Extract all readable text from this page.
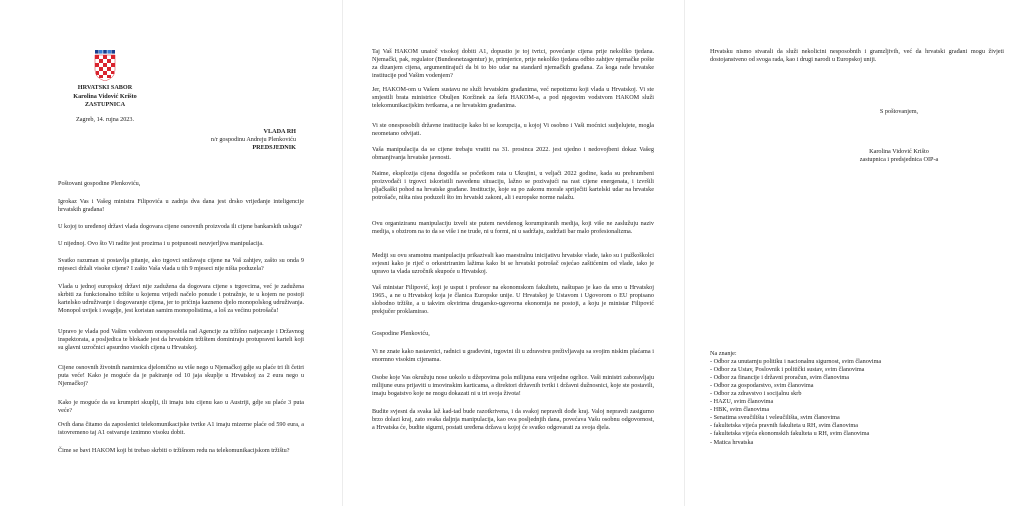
HRVATSKI SABOR
Karolina Vidović Krišto
ZASTUPNICA
Zagreb, 14. rujna 2023.
VLADA RH
n/r gospodinu Andreju Plenkoviću
PREDSJEDNIK

Poštovani gospodine Plenkoviću,

Igrokaz Vas i Vašeg ministra Filipovića u zadnja dva dana jest drsko vrijeđanje inteligencije hrvatskih građana!

U kojoj to uređenoj državi vlada dogovara cijene osnovnih proizvoda ili cijene bankarskih usluga?

U nijednoj. Ovo što Vi radite jest prozirna i u potpunosti neuvjerljiva manipulacija.

Svatko razuman si postavlja pitanje, ako trgovci snižavaju cijene na Vaš zahtjev, zašto su onda 9 mjeseci držali visoke cijene? I zašto Vaša vlada u tih 9 mjeseci nije ništa poduzela?

Vlada u jednoj europskoj državi nije zadužena da dogovara cijene s trgovcima, već je zadužena skrbiti za funkcionalno tržište u kojemu vrijedi načelo ponude i potražnje, te u kojem ne postoji kartelsko udruživanje i dogovaranje cijena, jer to prićinja kazneno djelo monopolskog udruživanja. Monopol uvijek i svagdje, jest koristan samim monopolistima, a loš za većinu potrošača!

Upravo je vlada pod Vašim vodstvom onesposobila rad Agencije za tržišno natjecanje i Državnog inspektorata, a posljedica te blokade jest da hrvatskim tržištem dominiraju protupravni karteli koji su glavni uzročnici apsurdno visokih cijena u Hrvatskoj.

Cijene osnovnih životnih namirnica djelomično su više nego u Njemačkoj gdje su plaće tri ili četiri puta veće! Kako je moguće da je pakiranje od 10 jaja skuplje u Hrvatskoj za 2 eura nego u Njemačkoj?

Kako je moguće da su krumpiri skuplji, ili imaju istu cijenu kao u Austriji, gdje su plaće 3 puta veće?

Ovih dana čitamo da zaposlenici telekomunikacijske tvrtke A1 imaju mizerne plaće od 590 eura, a istovremeno taj A1 ostvaruje iznimno visoku dobit.

Čime se bavi HAKOM koji bi trebao skrbiti o tržišnom redu na telekomunikacijskom tržištu?

Taj Vaš HAKOM unatoč visokoj dobiti A1, dopustio je toj tvrtci, povećanje cijena prije nekoliko tjedana. Njemački, pak, regulator (Bundesnetzagentur) je, primjerice, prije nekoliko tjedana odbio zahtjev njemačke pošte za dizanjem cijena, argumentirajući da bi to bio udar na standard njemačkih građana. Za koga rade hrvatske institucije pod Vašim vodenjem?

Jer, HAKOM-om u Vašem sustavu ne služi hrvatskim građanima, već nepotizmu koji vlada u Hrvatskoj. Vi ste smjestili brata ministrice Obuljen Koržinek za šefa HAKOM-a, a pod njegovim vodstvom HAKOM služi telekomunikacijskim tvrtkama, a ne hrvatskim građanima.

Vi ste onesposobili državne institucije kako bi se korupcija, u kojoj Vi osobno i Vaši moćnici sudjelujete, mogla neometano odvijati.

Vaša manipulacija da se cijene trebaju vratiti na 31. prosinca 2022. jest ujedno i nedovojbeni dokaz Vašeg obmanjivanja hrvatske javnosti.

Naime, eksplozija cijena dogodila se početkom rata u Ukrajini, u veljači 2022 godine, kada su prehrambeni proizvođači i trgovci iskoristili navedenu situaciju, lažno se pozivajući na rast cijene energenata, i izvršili pljačkaški pohod na hrvatske građane. Institucije, koje su po zakonu morale spriječiti kartelski udar na hrvatske potrošače, ništa nisu poduzeli što im hrvatski zakoni, ali i europske norme nalažu.

Ovu organiziranu manipulaciju izveli ste putem nevidenog korumpiranih medija, koji više ne zaslužuju naziv medija, s obzirom na to da se više i ne trude, ni u formi, ni u sadržaju, zadržati bar malo profesionalizma.

Mediji su ovu sramotnu manipulaciju prikazivali kao maestralnu inicijativu hrvatske vlade, iako su i pužkoškolci svjesni kako je riječ o orkestriranim lažima kako bi se hrvatski potrošač osjećao zaštićenim od vlade, iako je upravo ta vlada uzročnik skupoće u Hrvatskoj.

Vaš ministar Filipović, koji je usput i profesor na ekonomskom fakultetu, naštupao je kao da smo u Hrvatskoj 1965., a ne u Hrvatskoj koja je članica Europske unije. U Hrvatskoj je Ustavom i Ugovorom o EU propisano slobodno tržište, a u takvim okvirima drugarsko-ugovorna ekonomija ne postoji, a koju je ministar Filipović prekjučer proklamirao.

Gospodine Plenkoviću,

Vi ne znate kako nastavnici, radnici u građevini, trgovini ili u zdravstvu preživljavaju sa svojim niskim plaćama i enormno visokim cijenama.

Osobe koje Vas okružuju nose uokolo u džepovima pola milijuna eura vrijedne ogrlice. Vaši ministri zaboravljaju milijune eura prijaviti u imovinskim karticama, a direktori državnih tvrtki i državni dužnosnici, koje ste postavili, imaju bogatstvo koje ne mogu dokazati ni u tri svoja života!

Budite svjesni da svaka laž kad-tad bude razotkrivena, i da svakoj nepravdi dođe kraj. Valoj nepravdi zasigurno brzo dolazi kraj, zato svaka daljnja manipulacija, kao ova posljednjih dana, povećava Vašu osobnu odgovornost, a Hrvatska će, budite sigurni, postati uređena država u kojoj će svatko odgovarati za svoja djela.

Hrvatsku nismo stvarali da služi nekolicini nesposobnih i gramzljivih, već da hrvatski građani mogu živjeti dostojanstveno od svoga rada, kao i drugi narodi u Europskoj uniji.

S poštovanjem,

Karolina Vidović Krišto
zastupnica i predsjednica OIP-a
Na znanje:
- Odbor za unutarnju politiku i nacionalnu sigurnost, svim članovima
- Odbor za Ustav, Poslovnik i politički sustav, svim članovima
- Odbor za financije i državni proračun, svim članovima
- Odbor za gospodarstvo, svim članovima
- Odbor za zdravstvo i socijalnu skrb
- HAZU, svim članovima
- HBK, svim članovima
- Senatima sveučilišta i veleučilišta, svim članovima
- fakultetska vijeća pravnih fakulteta u RH, svim članovima
- fakultetska vijeća ekonomskih fakulteta u RH, svim članovima
- Matica hrvatska
